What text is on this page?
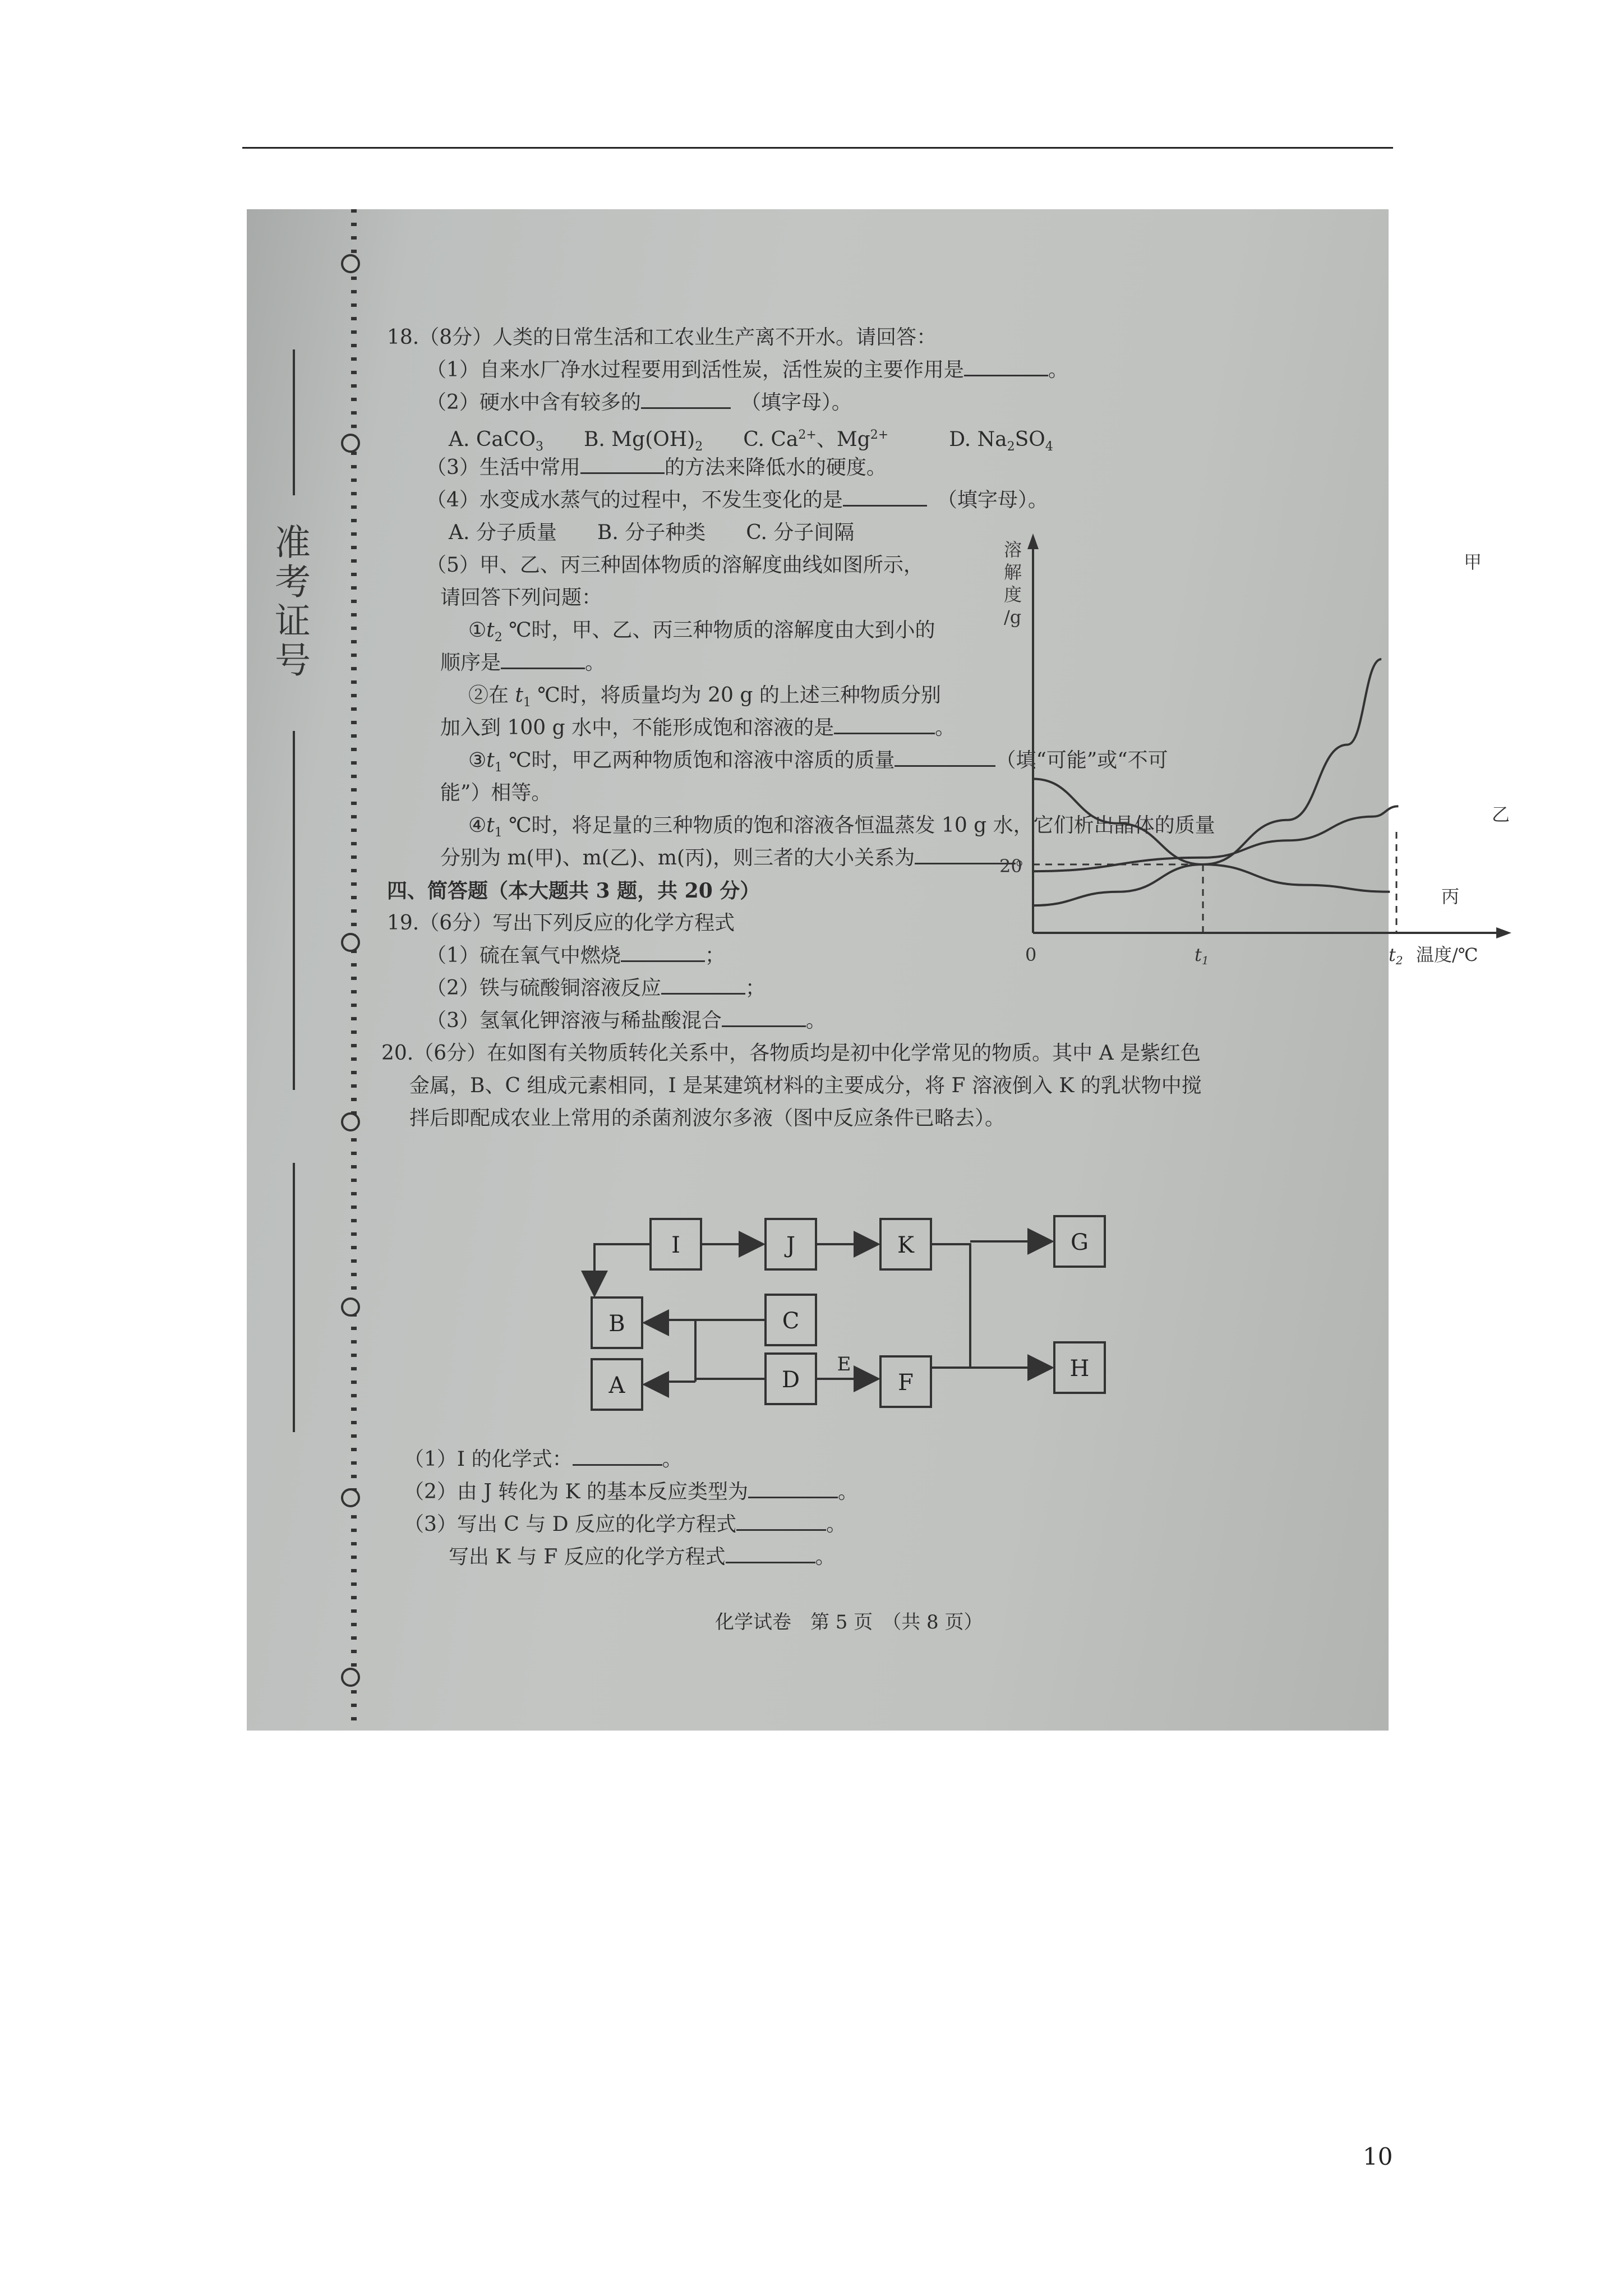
准考证号
18.（8分）人类的日常生活和工农业生产离不开水。请回答：
（1）自来水厂净水过程要用到活性炭，活性炭的主要作用是	。
（2）硬水中含有较多的　	（填字母）。
A. CaCO$_3$　　 B. $Mg(OH)_2$　　 C. $Ca^{2+}$、$Mg^{2+}$　　　	D. $Na_2SO_4$
（3）生活中常用	的方法来降低水的硬度。
（4）水变成水蒸气的过程中，不发生变化的是　	（填字母）。
A. 分子质量　　B. 分子种类　　C. 分子间隔
（5）甲、乙、丙三种固体物质的溶解度曲线如图所示，
请回答下列问题：
$①t_2$ ℃时，甲、乙、丙三种物质的溶解度由大到小的
顺序是	。
②在 $t_1$ ℃时，将质量均为 20 g 的上述三种物质分别
加入到 100 g 水中，不能形成饱和溶液的是	。
$③t_1$ ℃时，甲乙两种物质饱和溶液中溶质的质量	（填“可能”或“不可
能”）相等。
$④t_1$ ℃时，将足量的三种物质的饱和溶液各恒温蒸发 10 g 水，它们析出晶体的质量
分别为 m(甲)、m(乙)、m(丙)，则三者的大小关系为	。
溶
解
度
/g
20
0	t1	t2 温度/℃
甲
乙
丙
四、简答题（本大题共 3 题，共 20 分）
19.（6分）写出下列反应的化学方程式
（1）硫在氧气中燃烧	；
（2）铁与硫酸铜溶液反应	；
（3）氢氧化钾溶液与稀盐酸混合	。
20.（6分）在如图有关物质转化关系中，各物质均是初中化学常见的物质。其中 A 是紫红色
金属，B、C 组成元素相同，I 是某建筑材料的主要成分，将 F 溶液倒入 K 的乳状物中搅
拌后即配成农业上常用的杀菌剂波尔多液（图中反应条件已略去）。
I	J	K	G
B	C
A	D	F
H
E
（1）I 的化学式：	。
（2）由 J 转化为 K 的基本反应类型为	。
（3）写出 C 与 D 反应的化学方程式	。
写出 K 与 F 反应的化学方程式	。
化学试卷　第 5 页　（共 8 页）
10
